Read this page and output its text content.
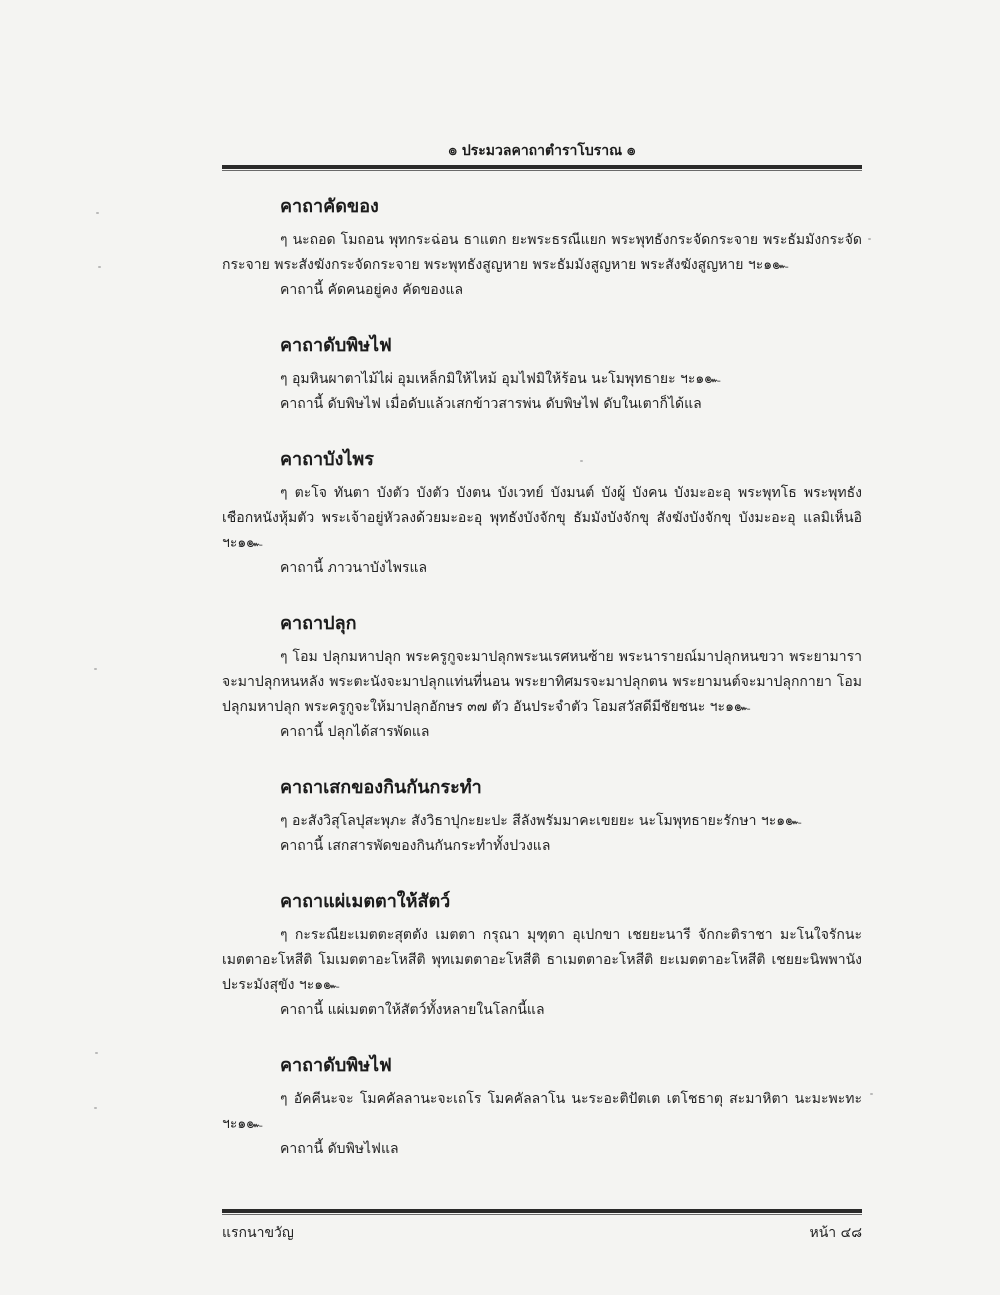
๏ ประมวลคาถาตำราโบราณ ๏
คาถาคัดของ

ๆ นะถอด โมถอน พุทกระฉ่อน ธาแตก ยะพระธรณีแยก พระพุทธังกระจัดกระจาย พระธัมมังกระจัดกระจาย พระสังฆังกระจัดกระจาย พระพุทธังสูญหาย พระธัมมังสูญหาย พระสังฆังสูญหาย ฯะ๑๛

คาถานี้ คัดคนอยู่คง คัดของแล

คาถาดับพิษไฟ

ๆ อุมหินผาตาไม้ไผ่ อุมเหล็กมิให้ไหม้ อุมไฟมิให้ร้อน นะโมพุทธายะ ฯะ๑๛

คาถานี้ ดับพิษไฟ เมื่อดับแล้วเสกข้าวสารพ่น ดับพิษไฟ ดับในเตาก็ได้แล

คาถาบังไพร

ๆ ตะโจ ทันตา บังตัว บังตัว บังตน บังเวทย์ บังมนต์ บังผู้ บังคน บังมะอะอุ พระพุทโธ พระพุทธัง เชือกหนังหุ้มตัว พระเจ้าอยู่หัวลงด้วยมะอะอุ พุทธังบังจักขุ ธัมมังบังจักขุ สังฆังบังจักขุ บังมะอะอุ แลมิเห็นอิ ฯะ๑๛

คาถานี้ ภาวนาบังไพรแล

คาถาปลุก

ๆ โอม ปลุกมหาปลุก พระครูกูจะมาปลุกพระนเรศหนซ้าย พระนารายณ์มาปลุกหนขวา พระยามาราจะมาปลุกหนหลัง พระตะนังจะมาปลุกแท่นที่นอน พระยาทิศมรจะมาปลุกตน พระยามนต์จะมาปลุกกายา โอมปลุกมหาปลุก พระครูกูจะให้มาปลุกอักษร ๓๗ ตัว อันประจำตัว โอมสวัสดีมีชัยชนะ ฯะ๑๛

คาถานี้ ปลุกได้สารพัดแล

คาถาเสกของกินกันกระทำ

ๆ อะสังวิสุโลปุสะพุภะ สังวิธาปุกะยะปะ สีลังพรัมมาคะเขยยะ นะโมพุทธายะรักษา ฯะ๑๛

คาถานี้ เสกสารพัดของกินกันกระทำทั้งปวงแล

คาถาแผ่เมตตาให้สัตว์

ๆ กะระณียะเมตตะสุตตัง เมตตา กรุณา มุฑุตา อุเปกขา เชยยะนารี จักกะติราชา มะโนใจรักนะเมตตาอะโหสีติ โมเมตตาอะโหสีติ พุทเมตตาอะโหสีติ ธาเมตตาอะโหสีติ ยะเมตตาอะโหสีติ เชยยะนิพพานัง ปะระมังสุขัง ฯะ๑๛

คาถานี้ แผ่เมตตาให้สัตว์ทั้งหลายในโลกนี้แล

คาถาดับพิษไฟ

ๆ อัคคีนะจะ โมคคัลลานะจะเถโร โมคคัลลาโน นะระอะติปัตเต เตโชธาตุ สะมาหิตา นะมะพะทะ ฯะ๑๛

คาถานี้ ดับพิษไฟแล

แรกนาขวัญ	หน้า ๔๘
